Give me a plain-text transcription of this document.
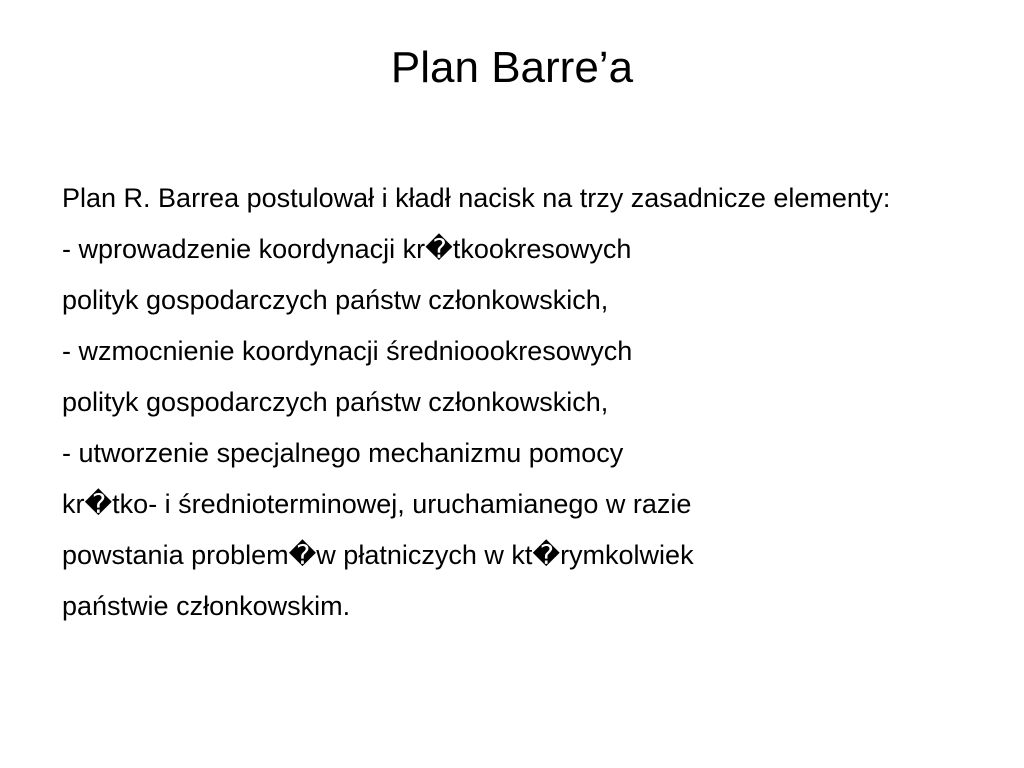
Plan Barre’a

Plan R. Barrea postulował i kładł nacisk na trzy zasadnicze elementy:

- wprowadzenie koordynacji kr�tkookresowych

polityk gospodarczych państw członkowskich,

- wzmocnienie koordynacji średnioookresowych

polityk gospodarczych państw członkowskich,

- utworzenie specjalnego mechanizmu pomocy

kr�tko- i średnioterminowej, uruchamianego w razie

powstania problem�w płatniczych w kt�rymkolwiek

państwie członkowskim.
